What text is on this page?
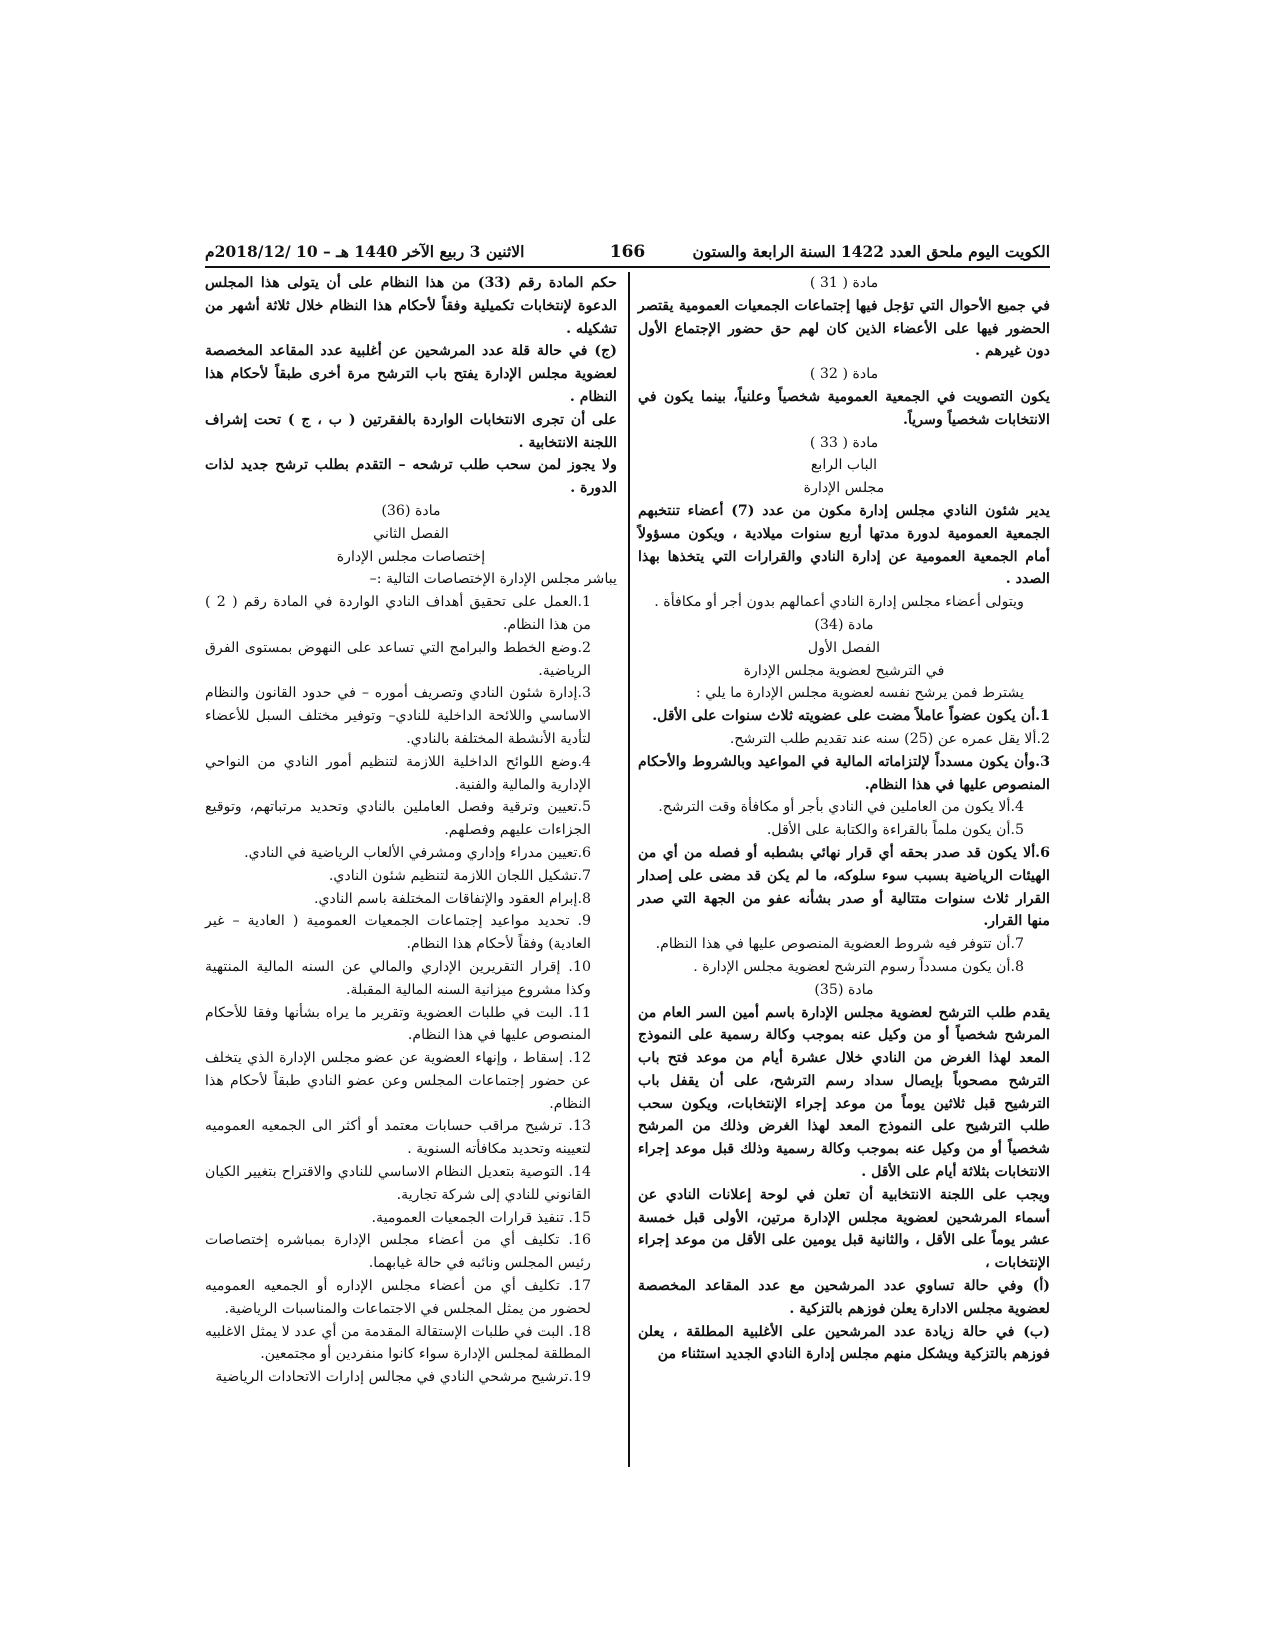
الكويت اليوم ملحق العدد 1422 السنة الرابعة والستون
166
الاثنين 3 ربيع الآخر 1440 هـ – 10 /2018/12م

مادة ( 31 )

في جميع الأحوال التي تؤجل فيها إجتماعات الجمعيات العمومية يقتصر الحضور فيها على الأعضاء الذين كان لهم حق حضور الإجتماع الأول دون غيرهم .

مادة ( 32 )

يكون التصويت في الجمعية العمومية شخصياً وعلنياً، بينما يكون في الانتخابات شخصياً وسرياً.

مادة ( 33 )

الباب الرابع

مجلس الإدارة

يدير شئون النادي مجلس إدارة مكون من عدد (7) أعضاء تنتخبهم الجمعية العمومية لدورة مدتها أربع سنوات ميلادية ، ويكون مسؤولاً أمام الجمعية العمومية عن إدارة النادي والقرارات التي يتخذها بهذا الصدد .

ويتولى أعضاء مجلس إدارة النادي أعمالهم بدون أجر أو مكافأة .

مادة (34)

الفصل الأول

في الترشيح لعضوية مجلس الإدارة

يشترط فمن يرشح نفسه لعضوية مجلس الإدارة ما يلي :

1.أن يكون عضواً عاملاً مضت على عضويته ثلاث سنوات على الأقل.

2.ألا يقل عمره عن (25) سنه عند تقديم طلب الترشح.

3.وأن يكون مسدداً لإلتزاماته المالية في المواعيد وبالشروط والأحكام المنصوص عليها في هذا النظام.

4.ألا يكون من العاملين في النادي بأجر أو مكافأة وقت الترشح.

5.أن يكون ملماً بالقراءة والكتابة على الأقل.

6.ألا يكون قد صدر بحقه أي قرار نهائي بشطبه أو فصله من أي من الهيئات الرياضية بسبب سوء سلوكه، ما لم يكن قد مضى على إصدار القرار ثلاث سنوات متتالية أو صدر بشأنه عفو من الجهة التي صدر منها القرار.

7.أن تتوفر فيه شروط العضوية المنصوص عليها في هذا النظام.

8.أن يكون مسدداً رسوم الترشح لعضوية مجلس الإدارة .

مادة (35)

يقدم طلب الترشح لعضوية مجلس الإدارة باسم أمين السر العام من المرشح شخصياً أو من وكيل عنه بموجب وكالة رسمية على النموذج المعد لهذا الغرض من النادي خلال عشرة أيام من موعد فتح باب الترشح مصحوباً بإيصال سداد رسم الترشح، على أن يقفل باب الترشيح قبل ثلاثين يوماً من موعد إجراء الإنتخابات، ويكون سحب طلب الترشيح على النموذج المعد لهذا الغرض وذلك من المرشح شخصياً أو من وكيل عنه بموجب وكالة رسمية وذلك قبل موعد إجراء الانتخابات بثلاثة أيام على الأقل .

ويجب على اللجنة الانتخابية أن تعلن في لوحة إعلانات النادي عن أسماء المرشحين لعضوية مجلس الإدارة مرتين، الأولى قبل خمسة عشر يوماً على الأقل ، والثانية قبل يومين على الأقل من موعد إجراء الإنتخابات ،

(أ) وفي حالة تساوي عدد المرشحين مع عدد المقاعد المخصصة لعضوية مجلس الادارة يعلن فوزهم بالتزكية .

(ب) في حالة زيادة عدد المرشحين على الأغلبية المطلقة ، يعلن فوزهم بالتزكية ويشكل منهم مجلس إدارة النادي الجديد استثناء من

حكم المادة رقم (33) من هذا النظام على أن يتولى هذا المجلس الدعوة لإنتخابات تكميلية وفقاً لأحكام هذا النظام خلال ثلاثة أشهر من تشكيله .

(ج) في حالة قلة عدد المرشحين عن أغلبية عدد المقاعد المخصصة لعضوية مجلس الإدارة يفتح باب الترشح مرة أخرى طبقاً لأحكام هذا النظام .

على أن تجرى الانتخابات الواردة بالفقرتين ( ب ، ج ) تحت إشراف اللجنة الانتخابية .

ولا يجوز لمن سحب طلب ترشحه – التقدم بطلب ترشح جديد لذات الدورة .

مادة (36)

الفصل الثاني

إختصاصات مجلس الإدارة

يباشر مجلس الإدارة الإختصاصات التالية :–

1.العمل على تحقيق أهداف النادي الواردة في المادة رقم ( 2 ) من هذا النظام.

2.وضع الخطط والبرامج التي تساعد على النهوض بمستوى الفرق الرياضية.

3.إدارة شئون النادي وتصريف أموره – في حدود القانون والنظام الاساسي واللائحة الداخلية للنادي– وتوفير مختلف السبل للأعضاء لتأدية الأنشطة المختلفة بالنادي.

4.وضع اللوائح الداخلية اللازمة لتنظيم أمور النادي من النواحي الإدارية والمالية والفنية.

5.تعيين وترقية وفصل العاملين بالنادي وتحديد مرتباتهم، وتوقيع الجزاءات عليهم وفصلهم.

6.تعيين مدراء وإداري ومشرفي الألعاب الرياضية في النادي.

7.تشكيل اللجان اللازمة لتنظيم شئون النادي.

8.إبرام العقود والإتفاقات المختلفة باسم النادي.

9. تحديد مواعيد إجتماعات الجمعيات العمومية ( العادية – غير العادية) وفقاً لأحكام هذا النظام.

10. إقرار التقريرين الإداري والمالي عن السنه المالية المنتهية وكذا مشروع ميزانية السنه المالية المقبلة.

11. البت في طلبات العضوية وتقرير ما يراه بشأنها وفقا للأحكام المنصوص عليها في هذا النظام.

12. إسقاط ، وإنهاء العضوية عن عضو مجلس الإدارة الذي يتخلف عن حضور إجتماعات المجلس وعن عضو النادي طبقاً لأحكام هذا النظام.

13. ترشيح مراقب حسابات معتمد أو أكثر الى الجمعيه العموميه لتعيينه وتحديد مكافأته السنوية .

14. التوصية بتعديل النظام الاساسي للنادي والاقتراح بتغيير الكيان القانوني للنادي إلى شركة تجارية.

15. تنفيذ قرارات الجمعيات العمومية.

16. تكليف أي من أعضاء مجلس الإدارة بمباشره إختصاصات رئيس المجلس ونائبه في حالة غيابهما.

17. تكليف أي من أعضاء مجلس الإداره أو الجمعيه العموميه لحضور من يمثل المجلس في الاجتماعات والمناسبات الرياضية.

18. البت في طلبات الإستقالة المقدمة من أي عدد لا يمثل الاغلبيه المطلقة لمجلس الإدارة سواء كانوا منفردين أو مجتمعين.

19.ترشيح مرشحي النادي في مجالس إدارات الاتحادات الرياضية
